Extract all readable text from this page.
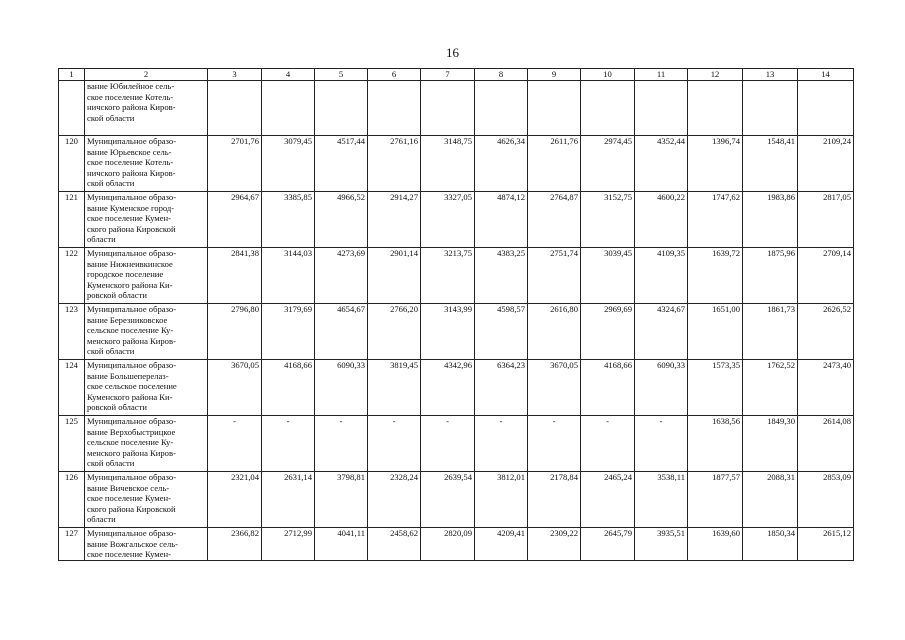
16
1	2	3	4	5	6	7	8	9	10	11	12	13	14

	вание Юбилейное сель-
ское поселение Котель-
ничского района Киров-
ской области												

120	Муниципальное образо-
вание Юрьевское сель-
ское поселение Котель-
ничского района Киров-
ской области	2701,76	3079,45	4517,44	2761,16	3148,75	4626,34	2611,76	2974,45	4352,44	1396,74	1548,41	2109,24
121	Муниципальное образо-
вание Куменское город-
ское поселение Кумен-
ского района Кировской
области	2964,67	3385,85	4966,52	2914,27	3327,05	4874,12	2764,87	3152,75	4600,22	1747,62	1983,86	2817,05
122	Муниципальное образо-
вание Нижнеивкинское
городское поселение
Куменского района Ки-
ровской области	2841,38	3144,03	4273,69	2901,14	3213,75	4383,25	2751,74	3039,45	4109,35	1639,72	1875,96	2709,14
123	Муниципальное образо-
вание Березниковское
сельское поселение Ку-
менского района Киров-
ской области	2796,80	3179,69	4654,67	2766,20	3143,99	4598,57	2616,80	2969,69	4324,67	1651,00	1861,73	2626,52
124	Муниципальное образо-
вание Большеперелаз-
ское сельское поселение
Куменского района Ки-
ровской области	3670,05	4168,66	6090,33	3819,45	4342,96	6364,23	3670,05	4168,66	6090,33	1573,35	1762,52	2473,40
125	Муниципальное образо-
вание Верхобыстрицкое
сельское поселение Ку-
менского района Киров-
ской области	-	-	-	-	-	-	-	-	-	1638,56	1849,30	2614,08
126	Муниципальное образо-
вание Вичевское сель-
ское поселение Кумен-
ского района Кировской
области	2321,04	2631,14	3798,81	2328,24	2639,54	3812,01	2178,84	2465,24	3538,11	1877,57	2088,31	2853,09
127	Муниципальное образо-
вание Вожгальское сель-
ское поселение Кумен-	2366,82	2712,99	4041,11	2458,62	2820,09	4209,41	2309,22	2645,79	3935,51	1639,60	1850,34	2615,12
